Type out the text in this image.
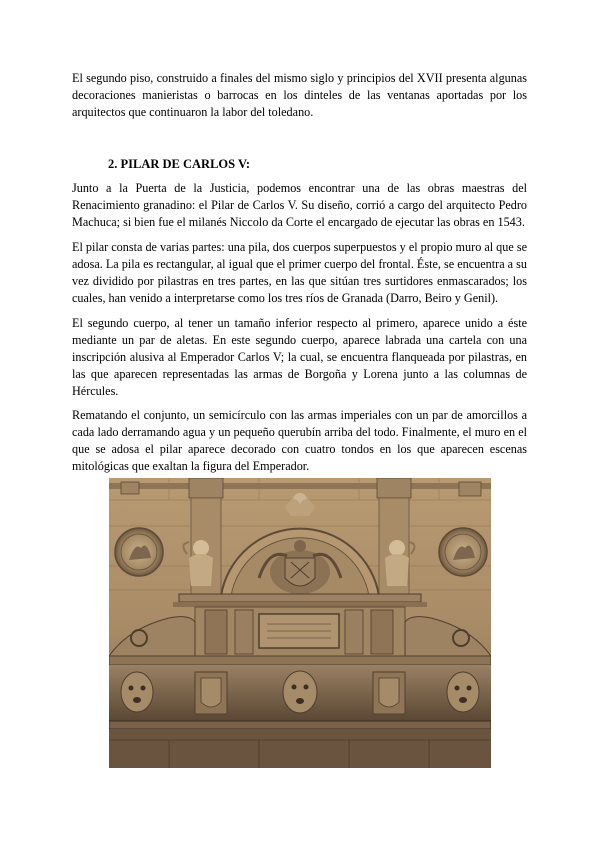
El segundo piso, construido a finales del mismo siglo y principios del XVII presenta algunas decoraciones manieristas o barrocas en los dinteles de las ventanas aportadas por los arquitectos que continuaron la labor del toledano.

2. PILAR DE CARLOS V:

Junto a la Puerta de la Justicia, podemos encontrar una de las obras maestras del Renacimiento granadino: el Pilar de Carlos V. Su diseño, corrió a cargo del arquitecto Pedro Machuca; si bien fue el milanés Niccolo da Corte el encargado de ejecutar las obras en 1543.

El pilar consta de varias partes: una pila, dos cuerpos superpuestos y el propio muro al que se adosa. La pila es rectangular, al igual que el primer cuerpo del frontal. Éste, se encuentra a su vez dividido por pilastras en tres partes, en las que sitúan tres surtidores enmascarados; los cuales, han venido a interpretarse como los tres ríos de Granada (Darro, Beiro y Genil).

El segundo cuerpo, al tener un tamaño inferior respecto al primero, aparece unido a éste mediante un par de aletas. En este segundo cuerpo, aparece labrada una cartela con una inscripción alusiva al Emperador Carlos V; la cual, se encuentra flanqueada por pilastras, en las que aparecen representadas las armas de Borgoña y Lorena junto a las columnas de Hércules.

Rematando el conjunto, un semicírculo con las armas imperiales con un par de amorcillos a cada lado derramando agua y un pequeño querubín arriba del todo. Finalmente, el muro en el que se adosa el pilar aparece decorado con cuatro tondos en los que aparecen escenas mitológicas que exaltan la figura del Emperador.
